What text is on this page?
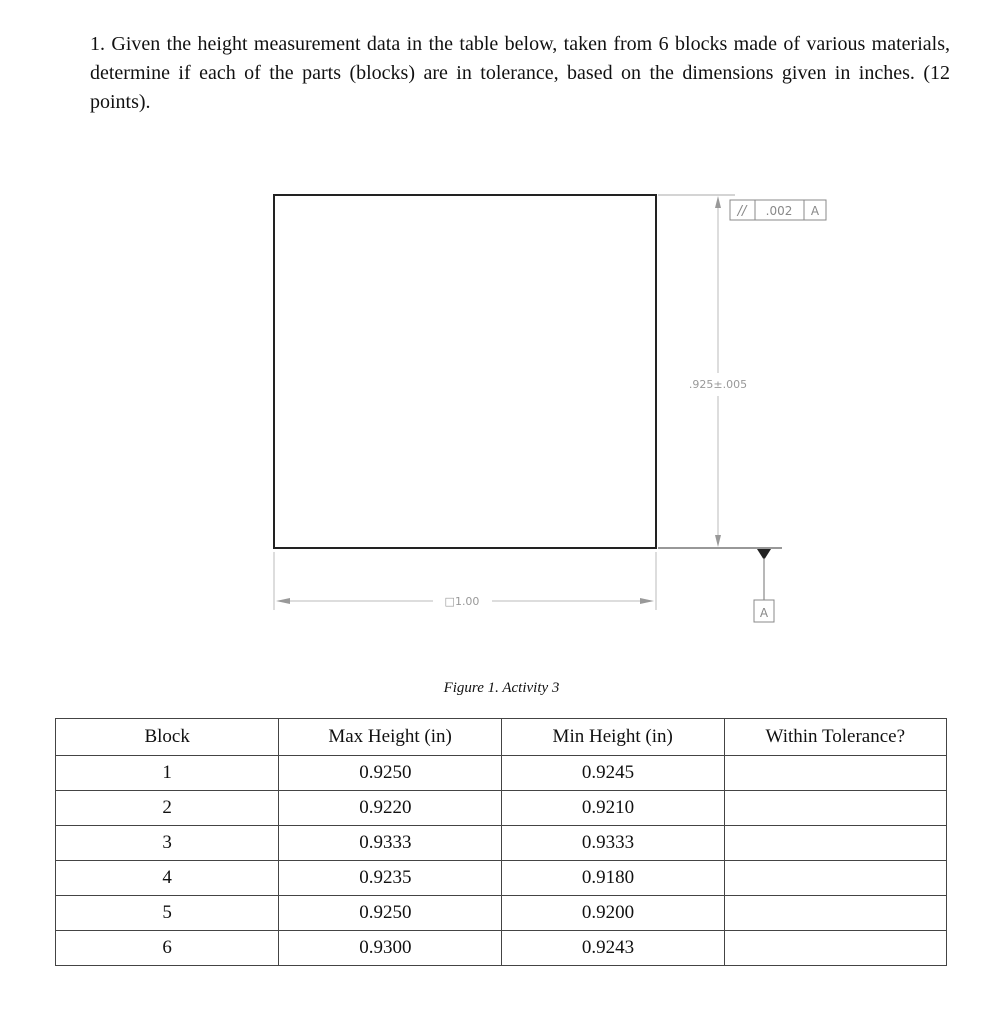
1. Given the height measurement data in the table below, taken from 6 blocks made of various materials, determine if each of the parts (blocks) are in tolerance, based on the dimensions given in inches. (12 points).

.925±.005
// .002 A
A
□1.00

Figure 1. Activity 3

Block	Max Height (in)	Min Height (in)	Within Tolerance?
1	0.9250	0.9245	
2	0.9220	0.9210	
3	0.9333	0.9333	
4	0.9235	0.9180	
5	0.9250	0.9200	
6	0.9300	0.9243	
